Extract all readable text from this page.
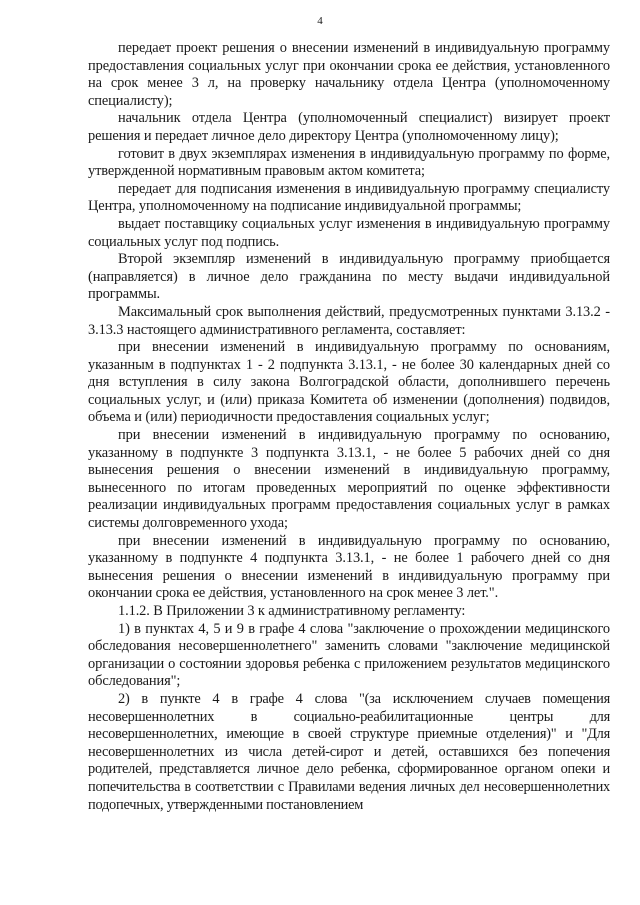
4

передает проект решения о внесении изменений в индивидуальную программу предоставления социальных услуг при окончании срока ее действия, установленного на срок менее 3 л, на проверку начальнику отдела Центра (уполномоченному специалисту);

начальник отдела Центра (уполномоченный специалист) визирует проект решения и передает личное дело директору Центра (уполномоченному лицу);

готовит в двух экземплярах изменения в индивидуальную программу по форме, утвержденной нормативным правовым актом комитета;

передает для подписания изменения в индивидуальную программу специалисту Центра, уполномоченному на подписание индивидуальной программы;

выдает поставщику социальных услуг изменения в индивидуальную программу социальных услуг под подпись.

Второй экземпляр изменений в индивидуальную программу приобщается (направляется) в личное дело гражданина по месту выдачи индивидуальной программы.

Максимальный срок выполнения действий, предусмотренных пунктами 3.13.2 - 3.13.3 настоящего административного регламента, составляет:

при внесении изменений в индивидуальную программу по основаниям, указанным в подпунктах 1 - 2 подпункта 3.13.1, - не более 30 календарных дней со дня вступления в силу закона Волгоградской области, дополнившего перечень социальных услуг, и (или) приказа Комитета об изменении (дополнения) подвидов, объема и (или) периодичности предоставления социальных услуг;

при внесении изменений в индивидуальную программу по основанию, указанному в подпункте 3 подпункта 3.13.1, - не более 5 рабочих дней со дня вынесения решения о внесении изменений в индивидуальную программу, вынесенного по итогам проведенных мероприятий по оценке эффективности реализации индивидуальных программ предоставления социальных услуг в рамках системы долговременного ухода;

при внесении изменений в индивидуальную программу по основанию, указанному в подпункте 4 подпункта 3.13.1, - не более 1 рабочего дней со дня вынесения решения о внесении изменений в индивидуальную программу при окончании срока ее действия, установленного на срок менее 3 лет.".

1.1.2. В Приложении 3 к административному регламенту:

1) в пунктах 4, 5 и 9 в графе 4 слова "заключение о прохождении медицинского обследования несовершеннолетнего" заменить словами "заключение медицинской организации о состоянии здоровья ребенка с приложением результатов медицинского обследования";

2) в пункте 4 в графе 4 слова "(за исключением случаев помещения несовершеннолетних в социально-реабилитационные центры для несовершеннолетних, имеющие в своей структуре приемные отделения)" и "Для несовершеннолетних из числа детей-сирот и детей, оставшихся без попечения родителей, представляется личное дело ребенка, сформированное органом опеки и попечительства в соответствии с Правилами ведения личных дел несовершеннолетних подопечных, утвержденными постановлением
